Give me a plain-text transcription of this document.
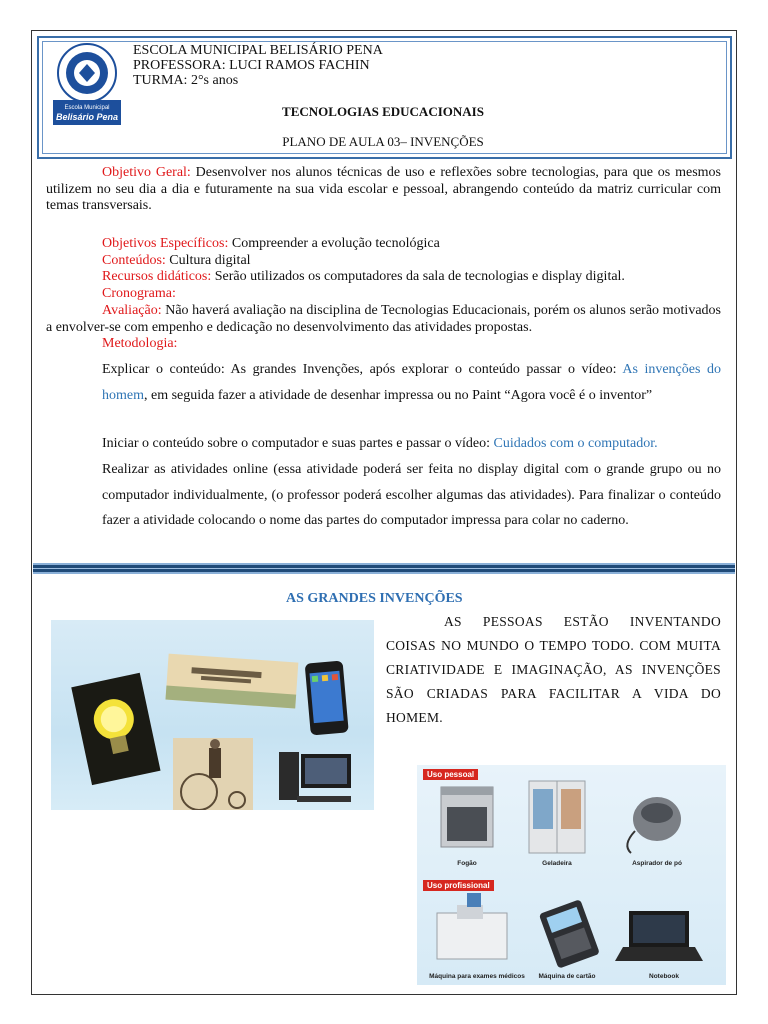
Escola Municipal
Belisário Pena
ESCOLA MUNICIPAL BELISÁRIO PENA
PROFESSORA: LUCI RAMOS FACHIN
TURMA: 2°s anos
TECNOLOGIAS EDUCACIONAIS
PLANO DE AULA 03– INVENÇÕES

Objetivo Geral: Desenvolver nos alunos técnicas de uso e reflexões sobre tecnologias, para que os mesmos utilizem no seu dia a dia e futuramente na sua vida escolar e pessoal, abrangendo conteúdo da matriz curricular com temas transversais.

Objetivos Específicos: Compreender a evolução tecnológica
Conteúdos: Cultura digital
Recursos didáticos: Serão utilizados os computadores da sala de tecnologias e display digital.
Cronograma:

Avaliação: Não haverá avaliação na disciplina de Tecnologias Educacionais, porém os alunos serão motivados a envolver-se com empenho e dedicação no desenvolvimento das atividades propostas.

Metodologia:

Explicar o conteúdo: As grandes Invenções, após explorar o conteúdo passar o vídeo: As invenções do homem, em seguida fazer a atividade de desenhar impressa ou no Paint “Agora você é o inventor”

Iniciar o conteúdo sobre o computador e suas partes e passar o vídeo: Cuidados com o computador.

Realizar as atividades online (essa atividade poderá ser feita no display digital com o grande grupo ou no computador individualmente, (o professor poderá escolher algumas das atividades). Para finalizar o conteúdo fazer a atividade colocando o nome das partes do computador impressa para colar no caderno.

AS GRANDES INVENÇÕES

AS PESSOAS ESTÃO INVENTANDO COISAS NO MUNDO O TEMPO TODO. COM MUITA CRIATIVIDADE E IMAGINAÇÃO, AS INVENÇÕES SÃO CRIADAS PARA FACILITAR A VIDA DO HOMEM.

Uso pessoal
Uso profissional
Fogão	Geladeira	Aspirador de pó
Máquina para exames médicos	Máquina de cartão	Notebook
